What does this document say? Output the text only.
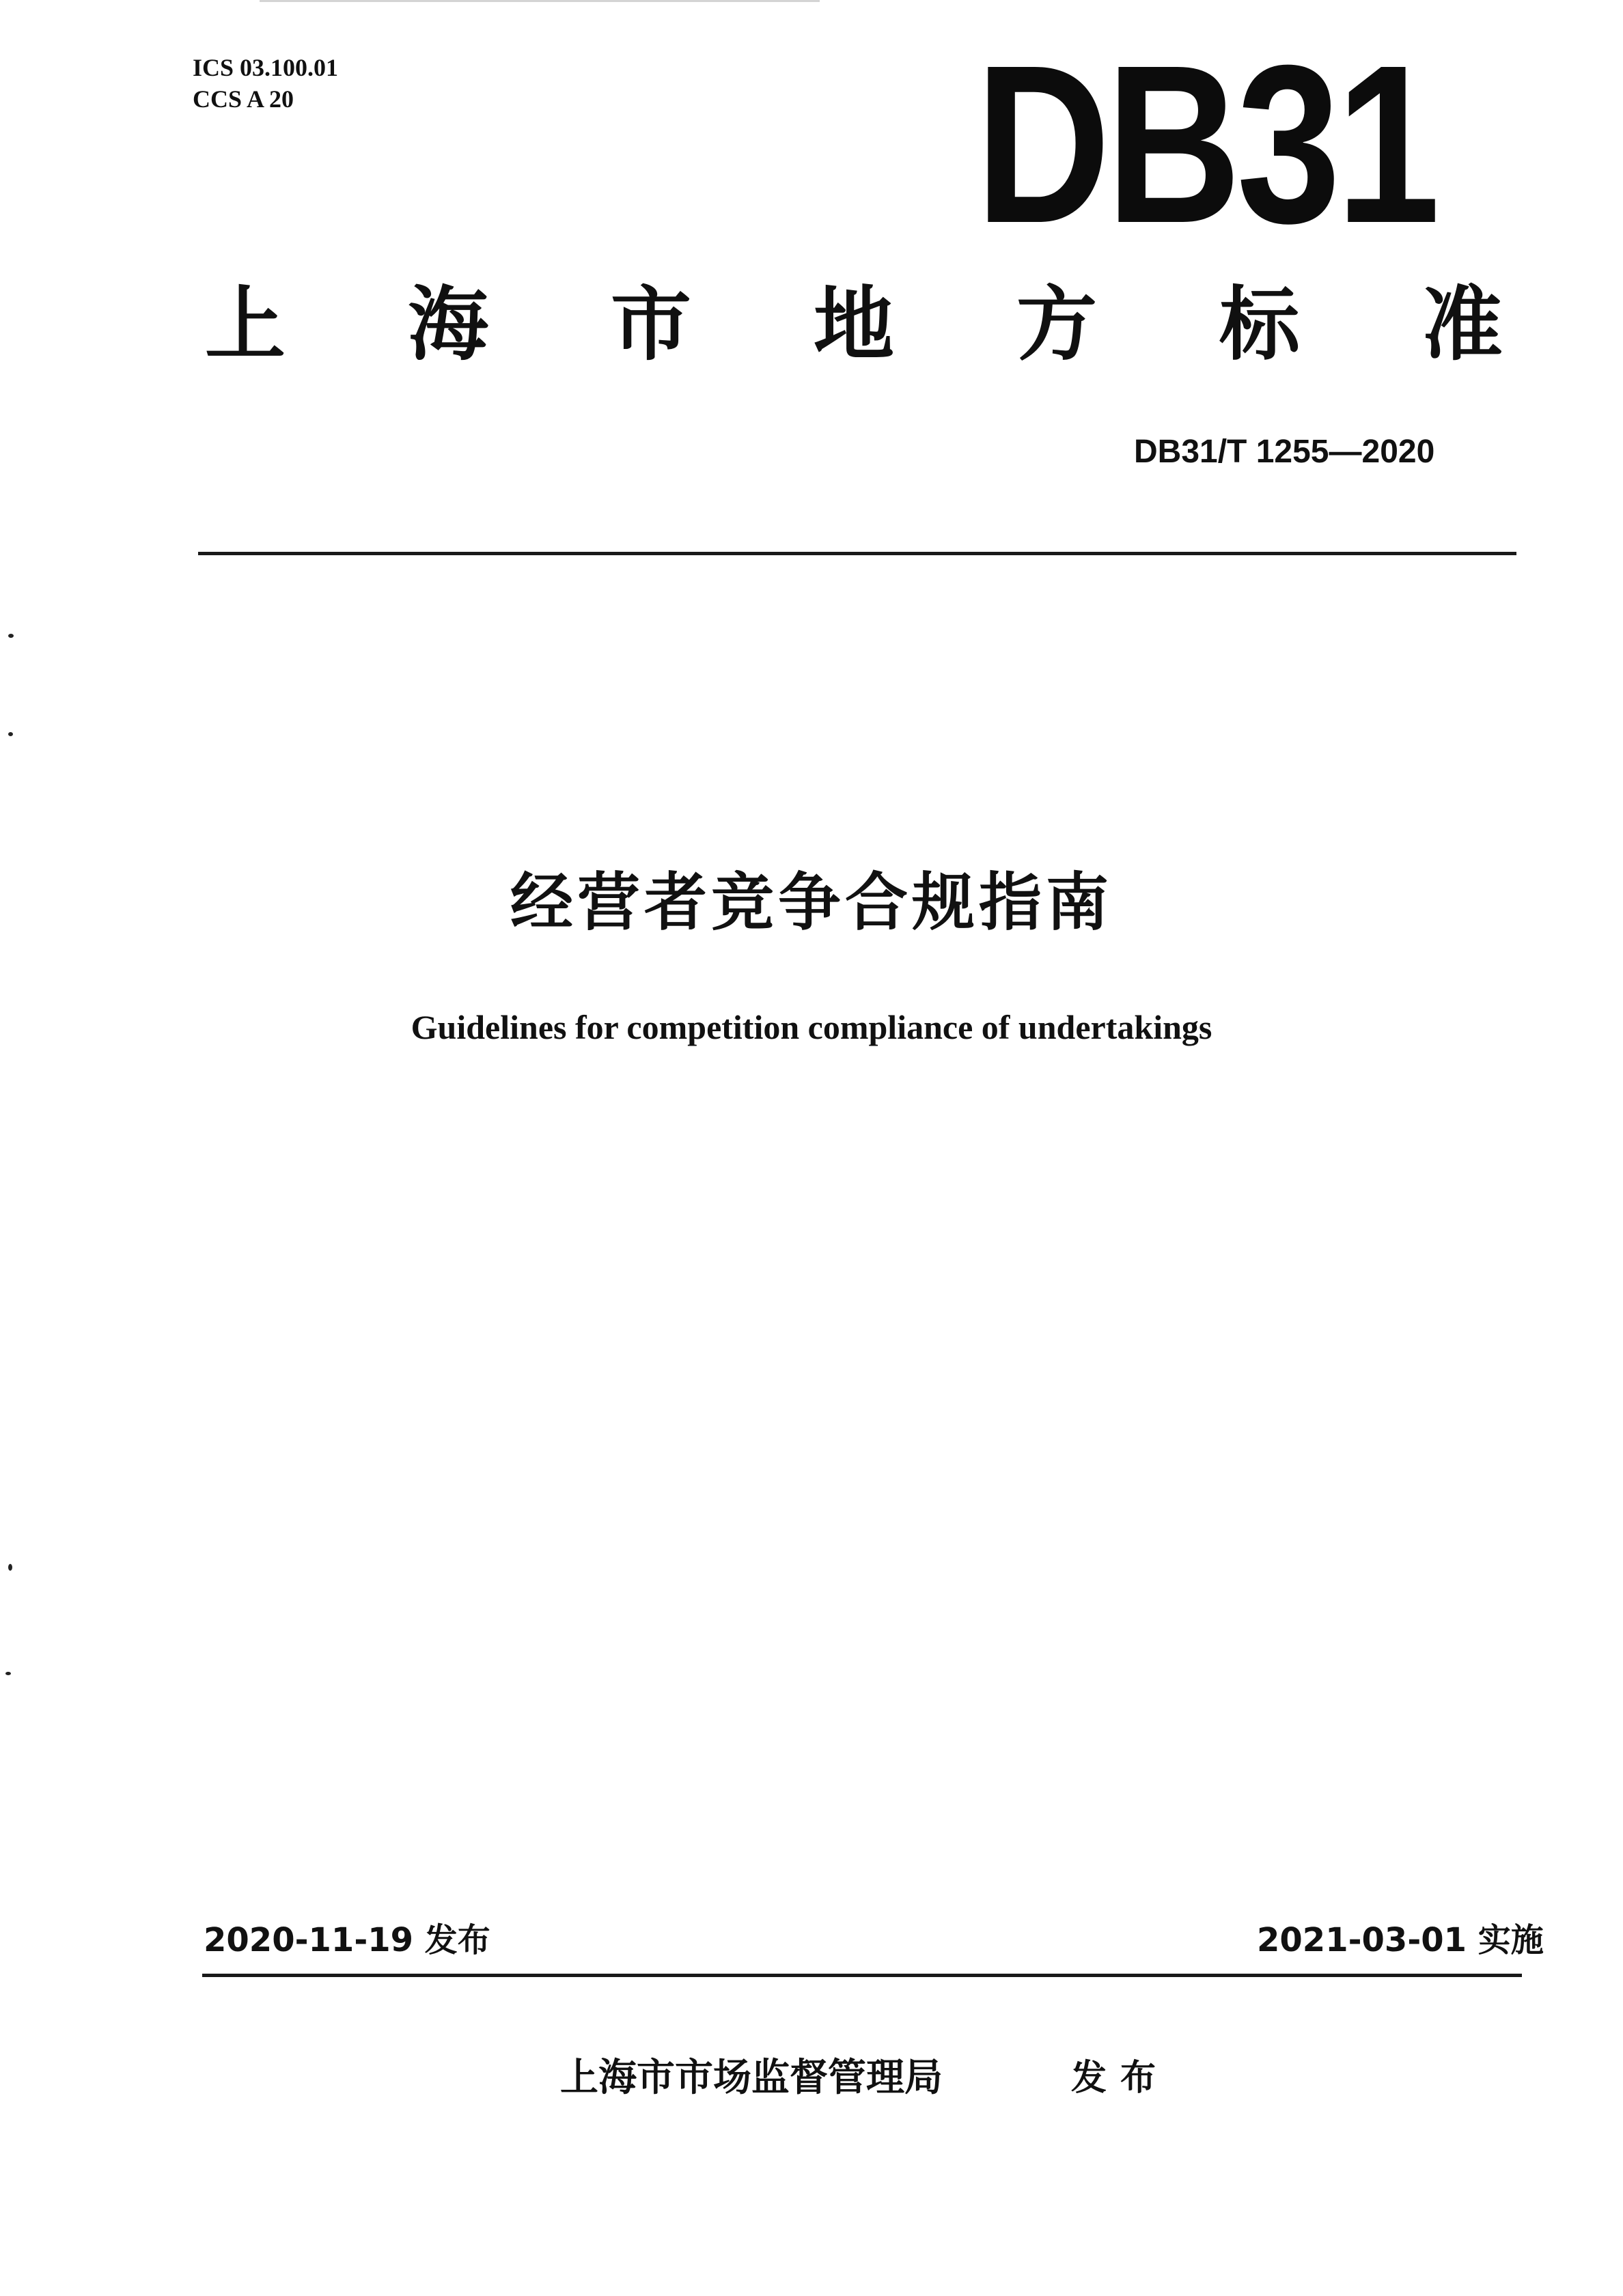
ICS 03.100.01
CCS A 20	DB31
上 海 市 地 方 标 准
DB31/T 1255—2020
经营者竞争合规指南
Guidelines for competition compliance of undertakings
2020-11-19 发布	2021-03-01 实施
上海市市场监督管理局	发布
